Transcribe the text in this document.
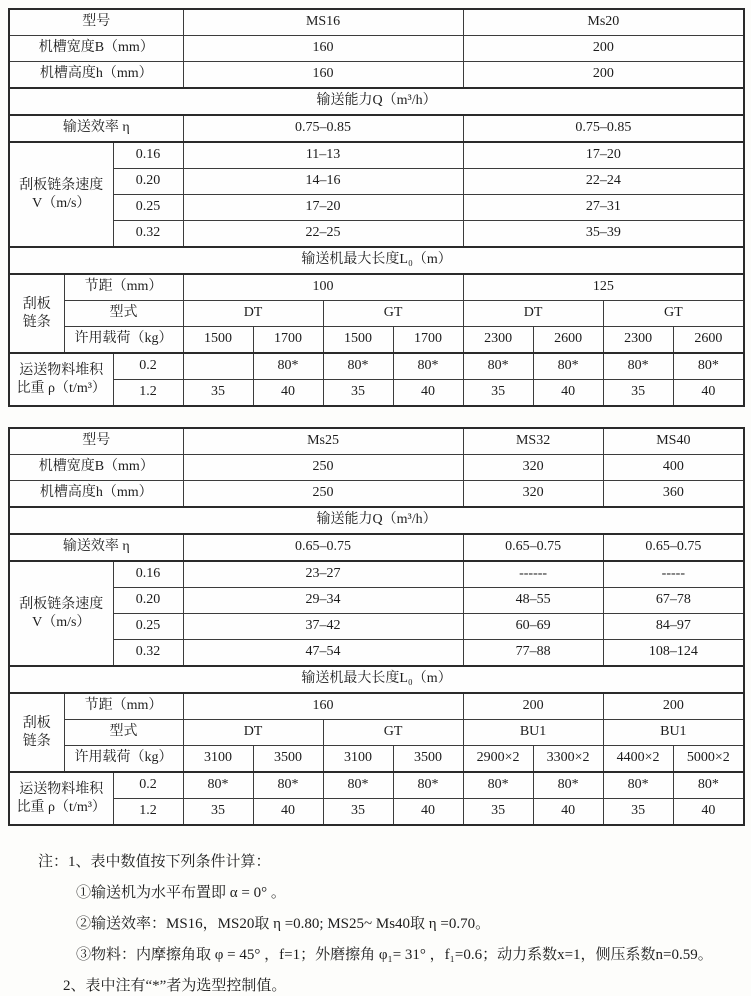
型号			MS16				Ms20			
机槽宽度B（mm）			160				200			
机槽高度h（mm）			160				200			
输送能力Q（m³/h）										
输送效率 η			0.75–0.85				0.75–0.85			

刮板链条速度
V（m/s）		0.16	11–13				17–20			
		0.20	14–16				22–24			
		0.25	17–20				27–31			
		0.32	22–25				35–39			
输送机最大长度L₀（m）										

刮板
链条	节距（mm）		100				125			
	型式		DT		GT		DT		GT	
	许用载荷（kg）		1500	1700	1500	1700	2300	2600	2300	2600

运送物料堆积
比重 ρ（t/m³）		0.2		80*	80*	80*	80*	80*	80*	80*
		1.2	35	40	35	40	35	40	35	40
型号			Ms25				MS32		MS40	
机槽宽度B（mm）			250				320		400	
机槽高度h（mm）			250				320		360	
输送能力Q（m³/h）										
输送效率 η			0.65–0.75				0.65–0.75		0.65–0.75	

刮板链条速度
V（m/s）		0.16	23–27				------		-----	
		0.20	29–34				48–55		67–78	
		0.25	37–42				60–69		84–97	
		0.32	47–54				77–88		108–124	
输送机最大长度L₀（m）										

刮板
链条	节距（mm）		160				200		200	
	型式		DT		GT		BU1		BU1	
	许用载荷（kg）		3100	3500	3100	3500	2900×2	3300×2	4400×2	5000×2

运送物料堆积
比重 ρ（t/m³）		0.2	80*	80*	80*	80*	80*	80*	80*	80*
		1.2	35	40	35	40	35	40	35	40

注：1、表中数值按下列条件计算：

①输送机为水平布置即 α = 0° 。

②输送效率：MS16，MS20取 η =0.80; MS25~ Ms40取 η =0.70。

③物料：内摩擦角取 φ = 45° ，f=1；外磨擦角 φ₁= 31° ，f₁=0.6；动力系数x=1，侧压系数n=0.59。

2、表中注有“*”者为选型控制值。
